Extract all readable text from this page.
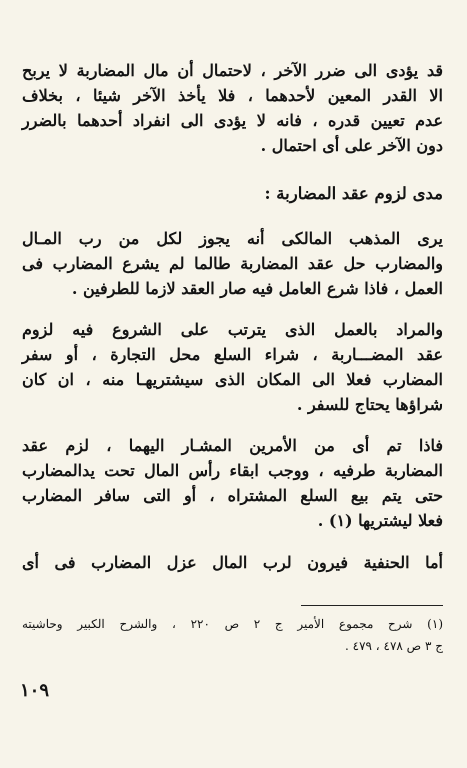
قد يؤدى الى ضرر الآخر ، لاحتمال أن مال المضاربة لا يربح
الا القدر المعين لأحدهما ، فلا يأخذ الآخر شيئا ، بخلاف
عدم تعيين قدره ، فانه لا يؤدى الى انفراد أحدهما بالضرر
دون الآخر على أى احتمال .
مدى لزوم عقد المضاربة :
يرى المذهب المالكى أنه يجوز لكل من رب المـال
والمضارب حل عقد المضاربة طالما لم يشرع المضارب فى
العمل ، فاذا شرع العامل فيه صار العقد لازما للطرفين .
والمراد بالعمل الذى يترتب على الشروع فيه لزوم
عقد المضـــاربة ، شراء السلع محل التجارة ، أو سفر
المضارب فعلا الى المكان الذى سيشتريهـا منه ، ان كان
شراؤها يحتاج للسفر .
فاذا تم أى من الأمرين المشـار اليهما ، لزم عقد
المضاربة طرفيه ، ووجب ابقاء رأس المال تحت يدالمضارب
حتى يتم بيع السلع المشتراه ، أو التى سافر المضارب
فعلا ليشتريها (١) .
أما الحنفية فيرون لرب المال عزل المضارب فى أى
(١) شرح مجموع الأمير ج ٢ ص ٢٢٠ ، والشرح الكبير وحاشيته
ج ٣ ص ٤٧٨ ، ٤٧٩ .
١٠٩
